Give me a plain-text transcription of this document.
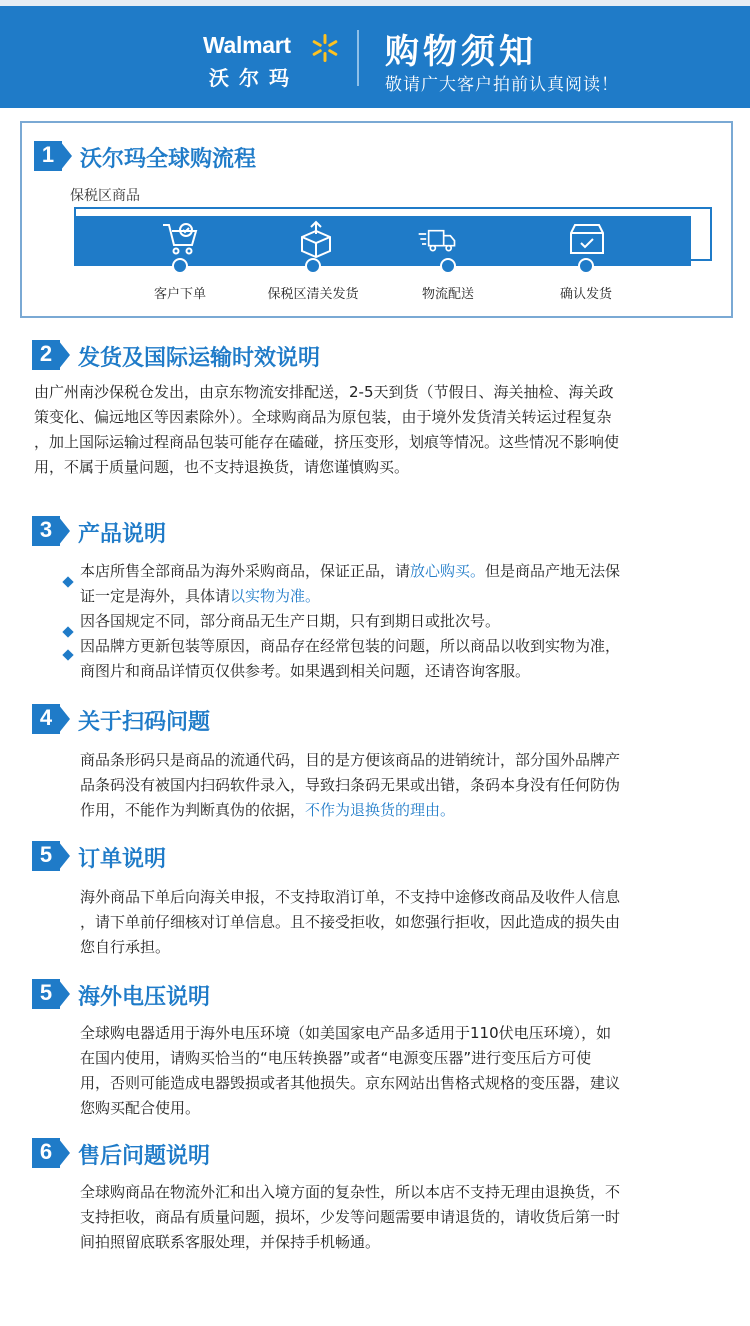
Walmart
沃尔玛
购物须知
敬请广大客户拍前认真阅读！
1	沃尔玛全球购流程
保税区商品
客户下单	保税区清关发货	物流配送	确认发货
2	发货及国际运输时效说明
由广州南沙保税仓发出，由京东物流安排配送，2-5天到货（节假日、海关抽检、海关政
策变化、偏远地区等因素除外）。全球购商品为原包装，由于境外发货清关转运过程复杂
，加上国际运输过程商品包装可能存在磕碰，挤压变形，划痕等情况。这些情况不影响使
用，不属于质量问题，也不支持退换货，请您谨慎购买。
3	产品说明
本店所售全部商品为海外采购商品，保证正品，请放心购买。但是商品产地无法保
证一定是海外，具体请以实物为准。
因各国规定不同，部分商品无生产日期，只有到期日或批次号。
因品牌方更新包装等原因，商品存在经常包装的问题，所以商品以收到实物为准，
商图片和商品详情页仅供参考。如果遇到相关问题，还请咨询客服。
4	关于扫码问题
商品条形码只是商品的流通代码，目的是方便该商品的进销统计，部分国外品牌产
品条码没有被国内扫码软件录入，导致扫条码无果或出错，条码本身没有任何防伪
作用，不能作为判断真伪的依据，不作为退换货的理由。
5	订单说明
海外商品下单后向海关申报，不支持取消订单，不支持中途修改商品及收件人信息
，请下单前仔细核对订单信息。且不接受拒收，如您强行拒收，因此造成的损失由
您自行承担。
5	海外电压说明
全球购电器适用于海外电压环境（如美国家电产品多适用于110伏电压环境），如
在国内使用，请购买恰当的“电压转换器”或者“电源变压器”进行变压后方可使
用，否则可能造成电器毁损或者其他损失。京东网站出售格式规格的变压器，建议
您购买配合使用。
6	售后问题说明
全球购商品在物流外汇和出入境方面的复杂性，所以本店不支持无理由退换货，不
支持拒收，商品有质量问题，损坏，少发等问题需要申请退货的，请收货后第一时
间拍照留底联系客服处理，并保持手机畅通。
